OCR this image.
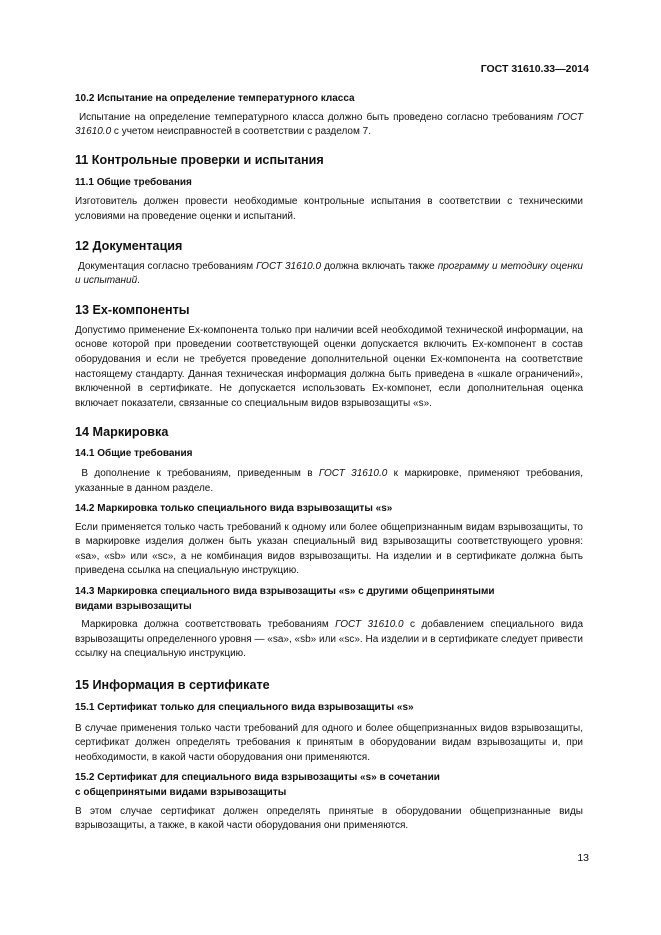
ГОСТ 31610.33—2014
10.2 Испытание на определение температурного класса

Испытание на определение температурного класса должно быть проведено согласно требованиям ГОСТ 31610.0 с учетом неисправностей в соответствии с разделом 7.

11 Контрольные проверки и испытания
11.1 Общие требования

Изготовитель должен провести необходимые контрольные испытания в соответствии с техническими условиями на проведение оценки и испытаний.

12 Документация

Документация согласно требованиям ГОСТ 31610.0 должна включать также программу и методику оценки и испытаний.

13 Ex-компоненты

Допустимо применение Ex-компонента только при наличии всей необходимой технической информации, на основе которой при проведении соответствующей оценки допускается включить Ex-компонент в состав оборудования и если не требуется проведение дополнительной оценки Ex-компонента на соответствие настоящему стандарту. Данная техническая информация должна быть приведена в «шкале ограничений», включенной в сертификате. Не допускается использовать Ex-компонет, если дополнительная оценка включает показатели, связанные со специальным видов взрывозащиты «s».

14 Маркировка
14.1 Общие требования

В дополнение к требованиям, приведенным в ГОСТ 31610.0 к маркировке, применяют требования, указанные в данном разделе.

14.2 Маркировка только специального вида взрывозащиты «s»

Если применяется только часть требований к одному или более общепризнанным видам взрывозащиты, то в маркировке изделия должен быть указан специальный вид взрывозащиты соответствующего уровня: «sa», «sb» или «sc», а не комбинация видов взрывозащиты. На изделии и в сертификате должна быть приведена ссылка на специальную инструкцию.

14.3 Маркировка специального вида взрывозащиты «s» с другими общепринятыми
видами взрывозащиты

Маркировка должна соответствовать требованиям ГОСТ 31610.0 с добавлением специального вида взрывозащиты определенного уровня — «sa», «sb» или «sc». На изделии и в сертификате следует привести ссылку на специальную инструкцию.

15 Информация в сертификате
15.1 Сертификат только для специального вида взрывозащиты «s»

В случае применения только части требований для одного и более общепризнанных видов взрывозащиты, сертификат должен определять требования к принятым в оборудовании видам взрывозащиты и, при необходимости, в какой части оборудования они применяются.

15.2 Сертификат для специального вида взрывозащиты «s» в сочетании
с общепринятыми видами взрывозащиты

В этом случае сертификат должен определять принятые в оборудовании общепризнанные виды взрывозащиты, а также, в какой части оборудования они применяются.

13
